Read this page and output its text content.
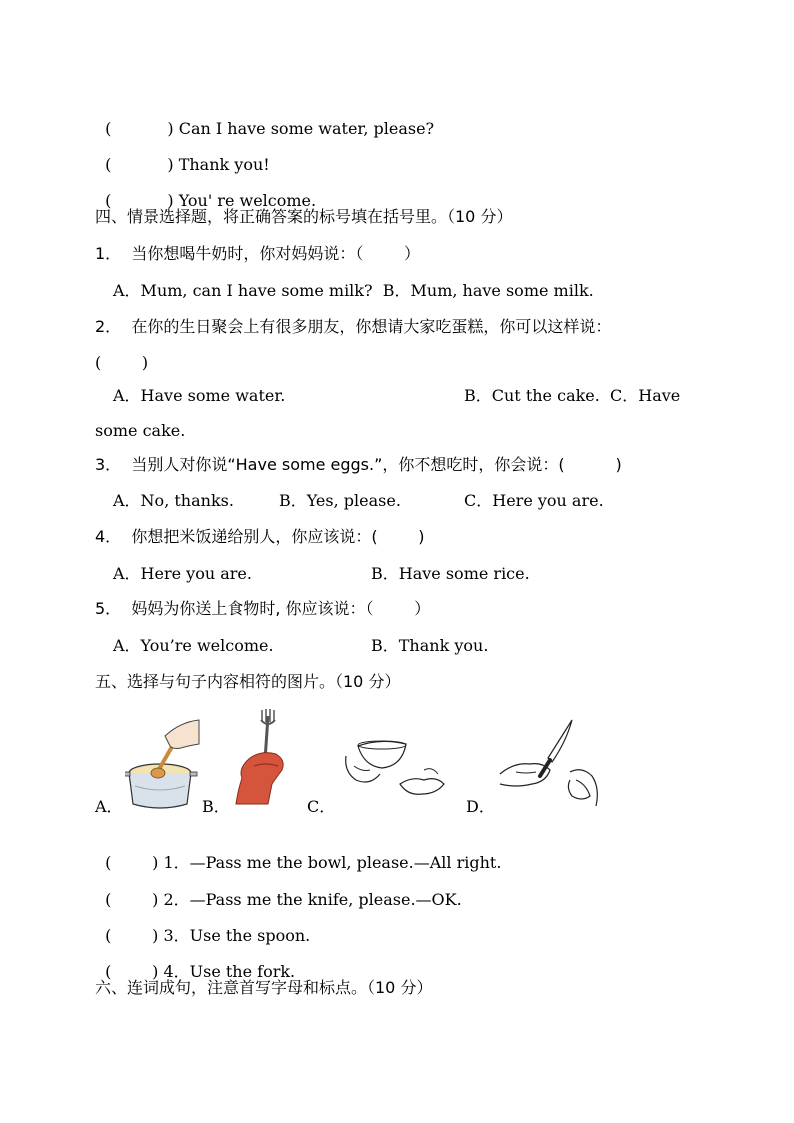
(           ) Can I have some water, please?

(           ) Thank you!

(           ) You' re welcome.

四、情景选择题，将正确答案的标号填在括号里。（10 分）
1．  当你想喝牛奶时，你对妈妈说：（        ）
A．Mum, can I have some milk?  B．Mum, have some milk.
2．  在你的生日聚会上有很多朋友，你想请大家吃蛋糕，你可以这样说：
(        )
A．Have some water.	B．Cut the cake.  C．Have
some cake.
3．  当别人对你说“Have some eggs.”，你不想吃时，你会说：(          )
A．No, thanks.	B．Yes, please.	C．Here you are.
4．  你想把米饭递给别人，你应该说：(        )
A．Here you are.	B．Have some rice.
5．  妈妈为你送上食物时, 你应该说：（        ）
A．You’re welcome.	B．Thank you.
五、选择与句子内容相符的图片。（10 分）
A．	B．	C．	D．

(        ) 1．—Pass me the bowl, please.—All right.

(        ) 2．—Pass me the knife, please.—OK.

(        ) 3．Use the spoon.

(        ) 4．Use the fork.

六、连词成句，注意首写字母和标点。（10 分）
